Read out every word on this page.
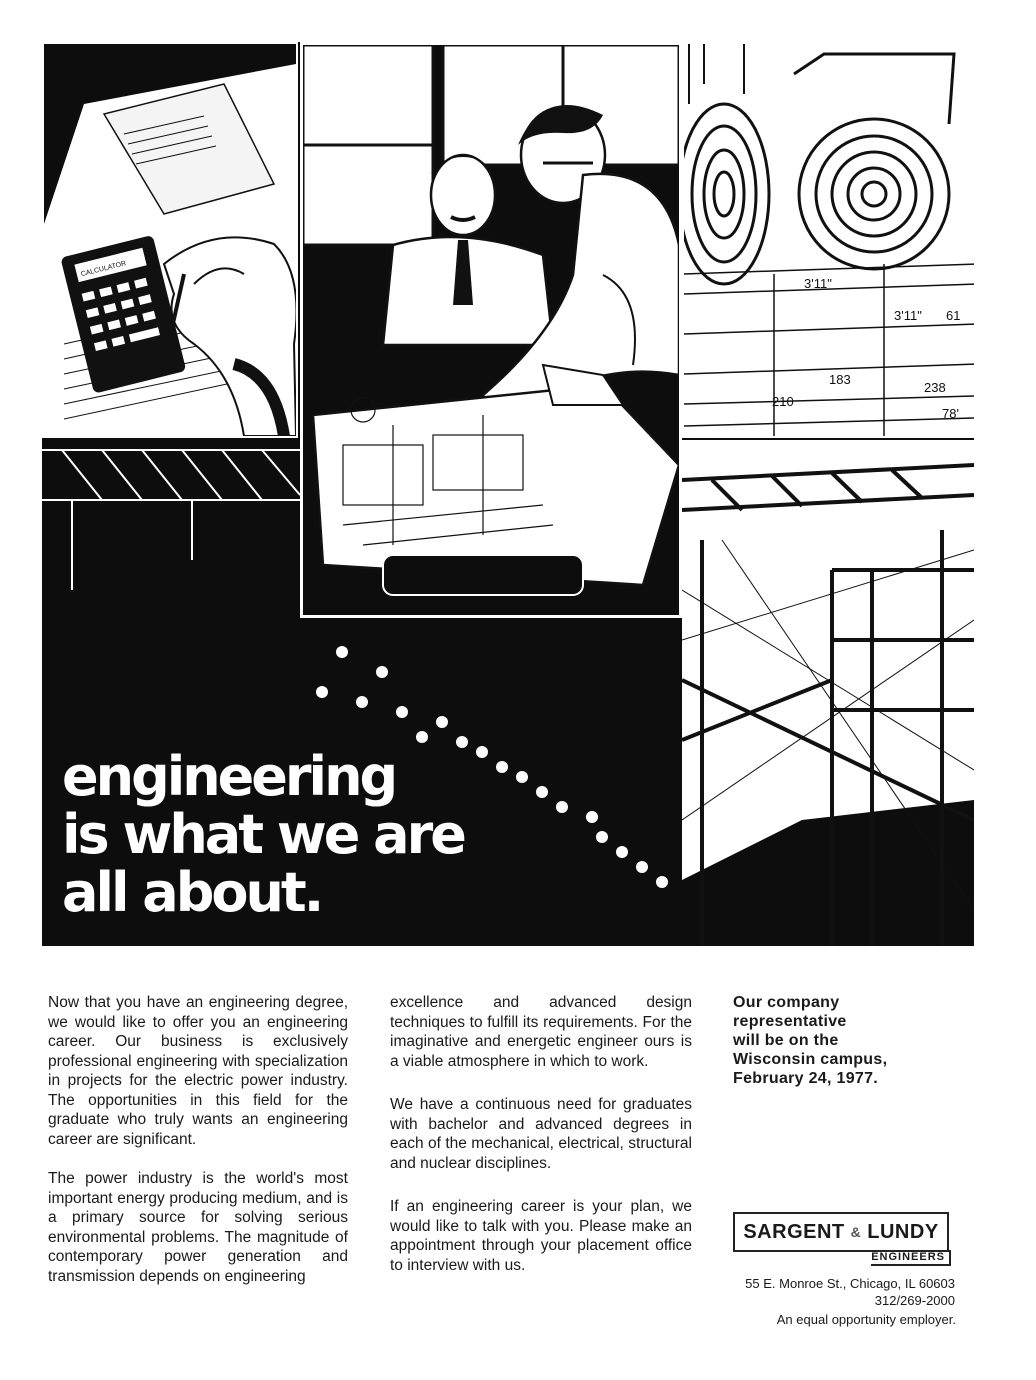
CALCULATOR
3'11"
3'11" 61
238
78'
210
183
engineering
is what we are
all about.

Now that you have an engineering degree, we would like to offer you an engineering career. Our business is exclusively professional engineering with specialization in projects for the electric power industry. The opportunities in this field for the graduate who truly wants an engineering career are significant.

The power industry is the world's most important energy producing medium, and is a primary source for solving serious environmental problems. The magnitude of contemporary power generation and transmission depends on engineering

excellence and advanced design techniques to fulfill its requirements. For the imaginative and energetic engineer ours is a viable atmosphere in which to work.

We have a continuous need for graduates with bachelor and advanced degrees in each of the mechanical, electrical, structural and nuclear disciplines.

If an engineering career is your plan, we would like to talk with you. Please make an appointment through your placement office to interview with us.

Our company
representative
will be on the
Wisconsin campus,
February 24, 1977.
SARGENT & LUNDY
ENGINEERS
55 E. Monroe St., Chicago, IL 60603
312/269-2000
An equal opportunity employer.
